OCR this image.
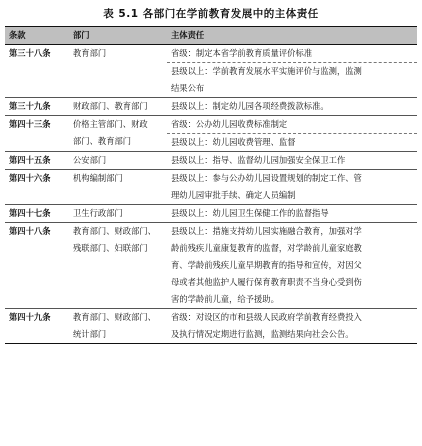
表 5.1 各部门在学前教育发展中的主体责任
条款	部门	主体责任
第三十八条	教育部门	省级：制定本省学前教育质量评价标准

		县级以上：学前教育发展水平实施评价与监测，监测
结果公布

第三十九条	财政部门、教育部门	县级以上：制定幼儿园各项经费拨款标准。

第四十三条	价格主管部门、财政
部门、教育部门	省级：公办幼儿园收费标准制定

		县级以上：幼儿园收费管理、监督

第四十五条	公安部门	县级以上：指导、监督幼儿园加强安全保卫工作

第四十六条	机构编制部门	县级以上：参与公办幼儿园设置规划的制定工作、管
理幼儿园审批手续、确定人员编制

第四十七条	卫生行政部门	县级以上：幼儿园卫生保健工作的监督指导

第四十八条	教育部门、财政部门、
残联部门、妇联部门	县级以上：措施支持幼儿园实施融合教育，加强对学
龄前残疾儿童康复教育的监督，对学龄前儿童家庭教
育、学龄前残疾儿童早期教育的指导和宣传，对因父
母或者其他监护人履行保育教育职责不当身心受到伤
害的学龄前儿童，给予援助。

第四十九条	教育部门、财政部门、
统计部门	省级：对设区的市和县级人民政府学前教育经费投入
及执行情况定期进行监测，监测结果向社会公告。
